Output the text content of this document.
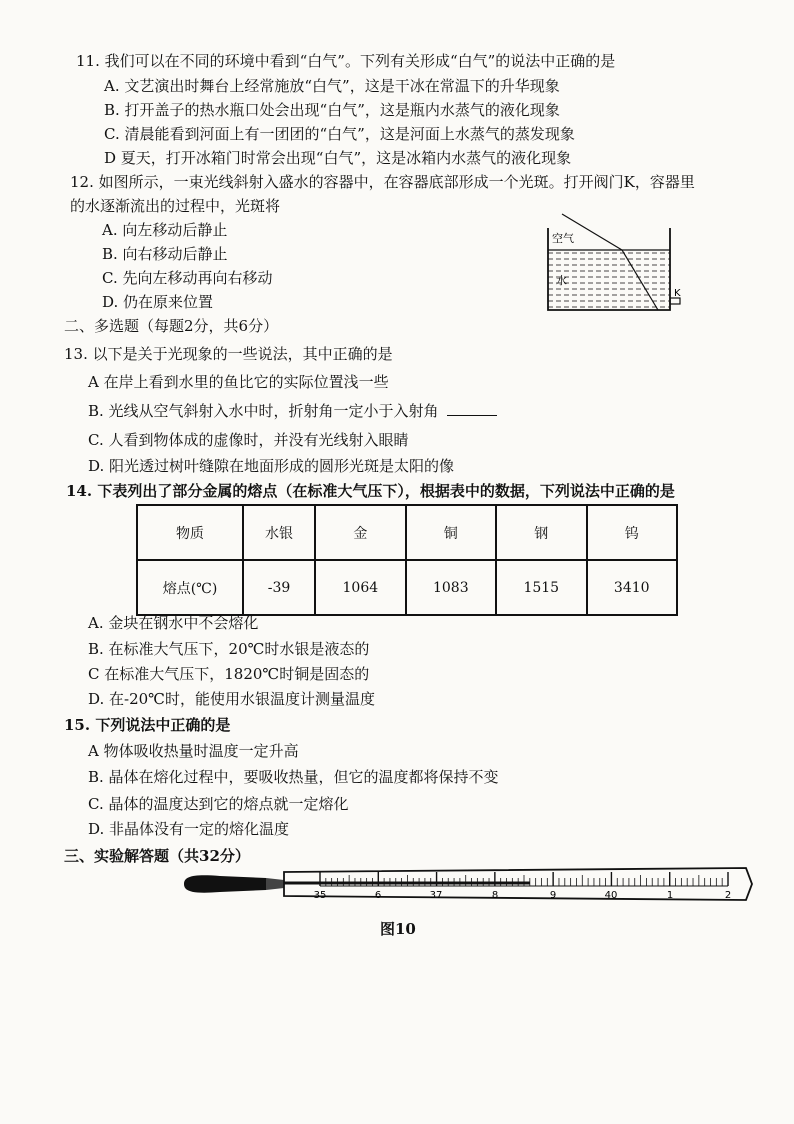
11. 我们可以在不同的环境中看到“白气”。下列有关形成“白气”的说法中正确的是
A. 文艺演出时舞台上经常施放“白气”，这是干冰在常温下的升华现象
B. 打开盖子的热水瓶口处会出现“白气”，这是瓶内水蒸气的液化现象
C. 清晨能看到河面上有一团团的“白气”，这是河面上水蒸气的蒸发现象
D 夏天，打开冰箱门时常会出现“白气”，这是冰箱内水蒸气的液化现象
12. 如图所示，一束光线斜射入盛水的容器中，在容器底部形成一个光斑。打开阀门K，容器里
的水逐渐流出的过程中，光斑将
A. 向左移动后静止
B. 向右移动后静止
C. 先向左移动再向右移动
D. 仍在原来位置
空气
水
K
二、多选题（每题2分，共6分）
13. 以下是关于光现象的一些说法，其中正确的是
A 在岸上看到水里的鱼比它的实际位置浅一些
B. 光线从空气斜射入水中时，折射角一定小于入射角
C. 人看到物体成的虚像时，并没有光线射入眼睛
D. 阳光透过树叶缝隙在地面形成的圆形光斑是太阳的像
14. 下表列出了部分金属的熔点（在标准大气压下），根据表中的数据，下列说法中正确的是
物质	水银	金	铜	钢	钨
熔点(℃)	-39	1064	1083	1515	3410
A. 金块在钢水中不会熔化
B. 在标准大气压下，20℃时水银是液态的
C 在标准大气压下，1820℃时铜是固态的
D. 在-20℃时，能使用水银温度计测量温度
15. 下列说法中正确的是
A 物体吸收热量时温度一定升高
B. 晶体在熔化过程中，要吸收热量，但它的温度都将保持不变
C. 晶体的温度达到它的熔点就一定熔化
D. 非晶体没有一定的熔化温度
三、实验解答题（共32分）
35	6	37	8	9	40	1	2
图10
